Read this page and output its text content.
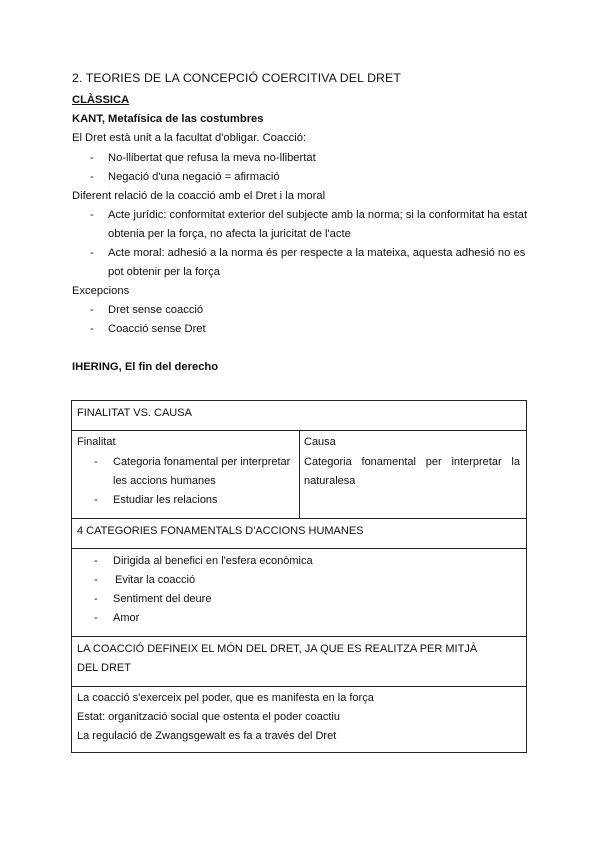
2. TEORIES DE LA CONCEPCIÓ COERCITIVA DEL DRET
CLÀSSICA
KANT, Metafísica de las costumbres
El Dret està unit a la facultat d'obligar. Coacció:
- No-llibertat que refusa la meva no-llibertat
- Negació d'una negació = afirmació
Diferent relació de la coacció amb el Dret i la moral
- Acte jurídic: conformitat exterior del subjecte amb la norma; si la conformitat ha estat
obtenia per la força, no afecta la juricitat de l'acte
- Acte moral: adhesió a la norma és per respecte a la mateixa, aquesta adhesió no es
pot obtenir per la força
Excepcions
- Dret sense coacció
- Coacció sense Dret
IHERING, El fin del derecho
FINALITAT VS. CAUSA
Finalitat
- Categoria fonamental per interpretar
les accions humanes
- Estudiar les relacions
Causa
Categoria fonamental per interpretar la
naturalesa
4 CATEGORIES FONAMENTALS D'ACCIONS HUMANES
- Dirigida al benefici en l'esfera econòmica
- Evitar la coacció
- Sentiment del deure
- Amor
LA COACCIÓ DEFINEIX EL MÓN DEL DRET, JA QUE ES REALITZA PER MITJÀ
DEL DRET
La coacció s'exerceix pel poder, que es manifesta en la força
Estat: organització social que ostenta el poder coactiu
La regulació de Zwangsgewalt es fa a través del Dret
